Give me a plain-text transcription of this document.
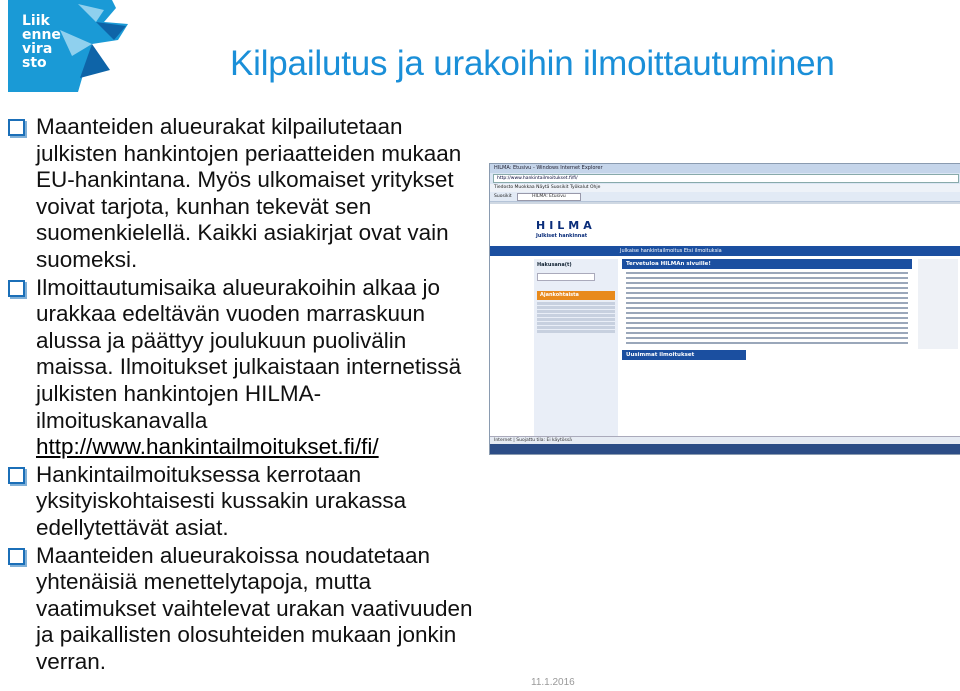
Liik
enne
vira
sto	Kilpailutus ja urakoihin ilmoittautuminen
Maanteiden alueurakat kilpailutetaan julkisten hankintojen periaatteiden mukaan EU-hankintana. Myös ulkomaiset yritykset voivat tarjota, kunhan tekevät sen suomenkielellä. Kaikki asiakirjat ovat vain suomeksi.
Ilmoittautumisaika alueurakoihin alkaa jo urakkaa edeltävän vuoden marraskuun alussa ja päättyy joulukuun puolivälin maissa. Ilmoitukset julkaistaan internetissä julkisten hankintojen HILMA-ilmoituskanavalla http://www.hankintailmoitukset.fi/fi/
Hankintailmoituksessa kerrotaan yksityiskohtaisesti kussakin urakassa edellytettävät asiat.
Maanteiden alueurakoissa noudatetaan yhtenäisiä menettelytapoja, mutta vaatimukset vaihtelevat urakan vaativuuden ja paikallisten olosuhteiden mukaan jonkin verran.
HILMA: Etusivu - Windows Internet Explorer
http://www.hankintailmoitukset.fi/fi/
Tiedosto Muokkaa Näytä Suosikit Työkalut Ohje
Suosikit	HILMA: Etusivu
HILMA
Julkiset hankinnat
Julkaise hankintailmoitus Etsi ilmoituksia
Hakusana(t)
Ajankohtaista
Tervetuloa HILMAn sivuille!
Uusimmat ilmoitukset
Internet | Suojattu tila: Ei käytössä
11.1.2016
